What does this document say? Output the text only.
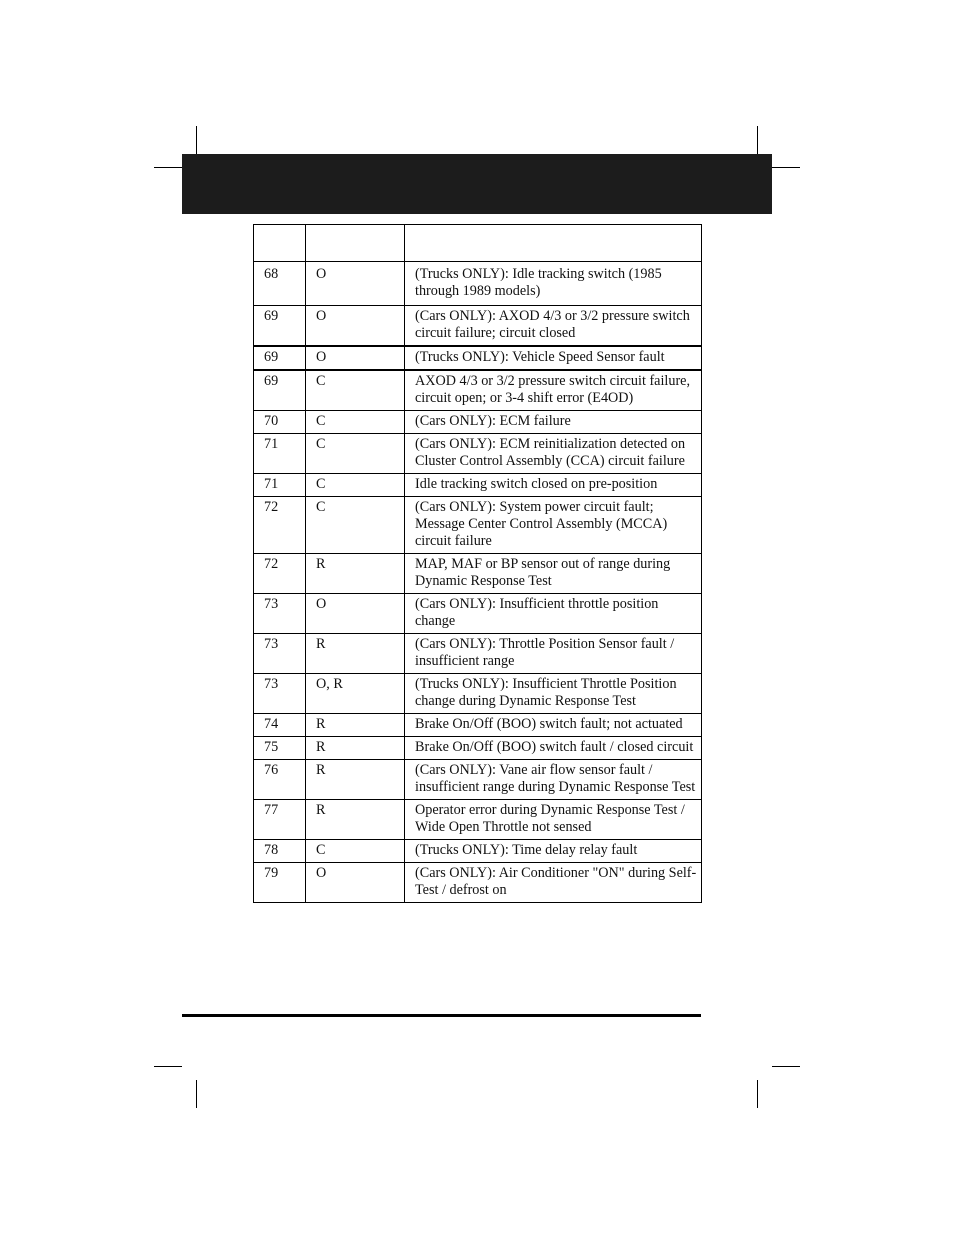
68	O	(Trucks ONLY): Idle tracking switch (1985 through 1989 models)
69	O	(Cars ONLY): AXOD 4/3 or 3/2 pressure switch circuit failure; circuit closed
69	O	(Trucks ONLY): Vehicle Speed Sensor fault
69	C	AXOD 4/3 or 3/2 pressure switch circuit failure, circuit open; or 3-4 shift error (E4OD)
70	C	(Cars ONLY): ECM failure
71	C	(Cars ONLY): ECM reinitialization detected on Cluster Control Assembly (CCA) circuit failure
71	C	Idle tracking switch closed on pre-position
72	C	(Cars ONLY): System power circuit fault; Message Center Control Assembly (MCCA) circuit failure
72	R	MAP, MAF or BP sensor out of range during Dynamic Response Test
73	O	(Cars ONLY): Insufficient throttle position change
73	R	(Cars ONLY): Throttle Position Sensor fault / insufficient range
73	O, R	(Trucks ONLY): Insufficient Throttle Position change during Dynamic Response Test
74	R	Brake On/Off (BOO) switch fault; not actuated
75	R	Brake On/Off (BOO) switch fault / closed circuit
76	R	(Cars ONLY): Vane air flow sensor fault / insufficient range during Dynamic Response Test
77	R	Operator error during Dynamic Response Test / Wide Open Throttle not sensed
78	C	(Trucks ONLY): Time delay relay fault
79	O	(Cars ONLY): Air Conditioner "ON" during Self-Test / defrost on
